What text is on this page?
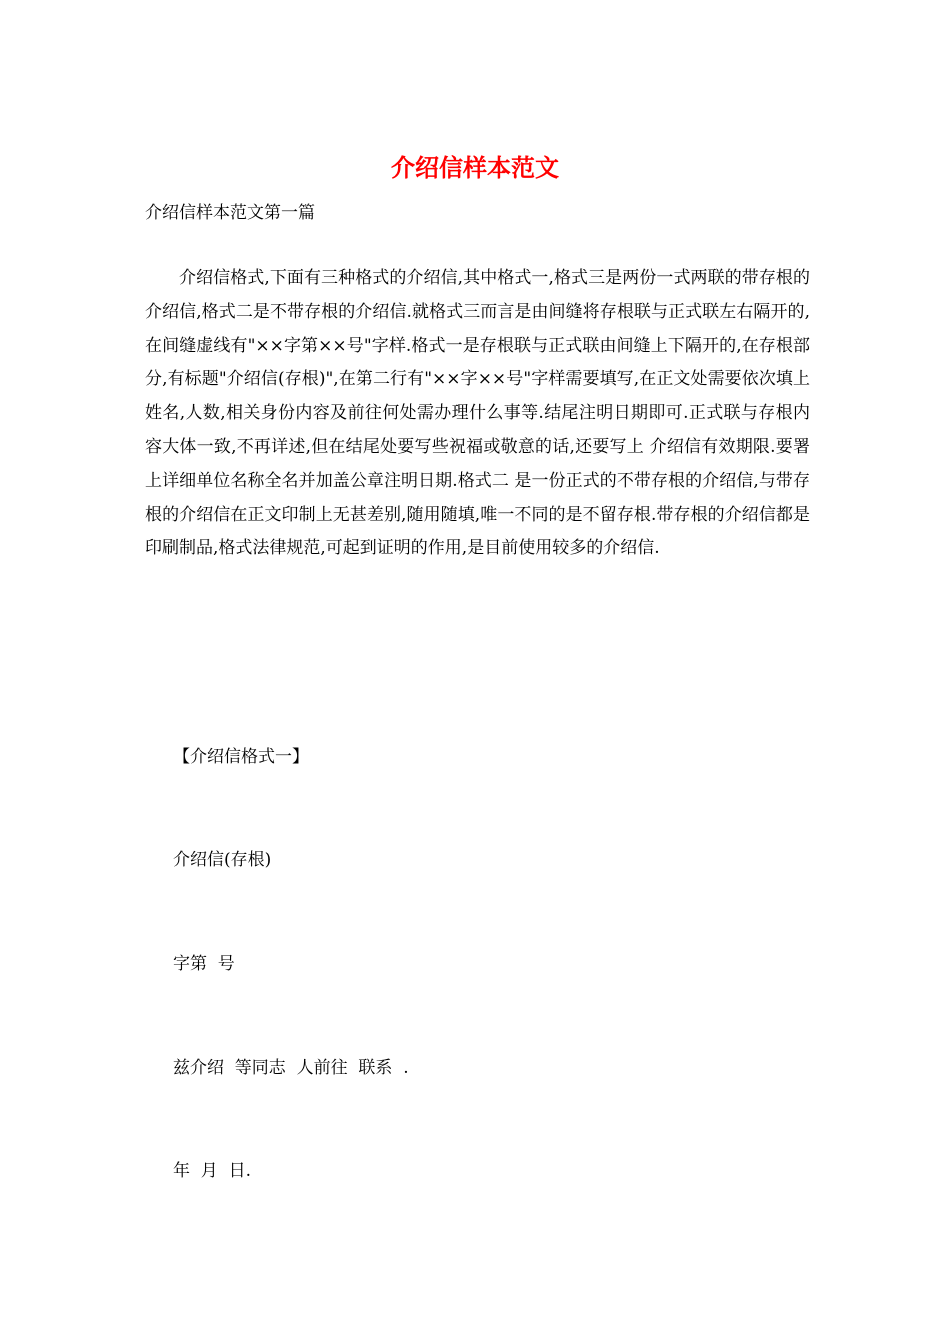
介绍信样本范文
介绍信样本范文第一篇
介绍信格式,下面有三种格式的介绍信,其中格式一,格式三是两份一式两联的带存根的介绍信,格式二是不带存根的介绍信.就格式三而言是由间缝将存根联与正式联左右隔开的,在间缝虚线有"××字第××号"字样.格式一是存根联与正式联由间缝上下隔开的,在存根部分,有标题"介绍信(存根)",在第二行有"××字××号"字样需要填写,在正文处需要依次填上姓名,人数,相关身份内容及前往何处需办理什么事等.结尾注明日期即可.正式联与存根内容大体一致,不再详述,但在结尾处要写些祝福或敬意的话,还要写上 介绍信有效期限.要署上详细单位名称全名并加盖公章注明日期.格式二 是一份正式的不带存根的介绍信,与带存根的介绍信在正文印制上无甚差别,随用随填,唯一不同的是不留存根.带存根的介绍信都是印刷制品,格式法律规范,可起到证明的作用,是目前使用较多的介绍信.
【介绍信格式一】
介绍信(存根)
字第  号
兹介绍  等同志  人前往  联系  .
年  月  日.
